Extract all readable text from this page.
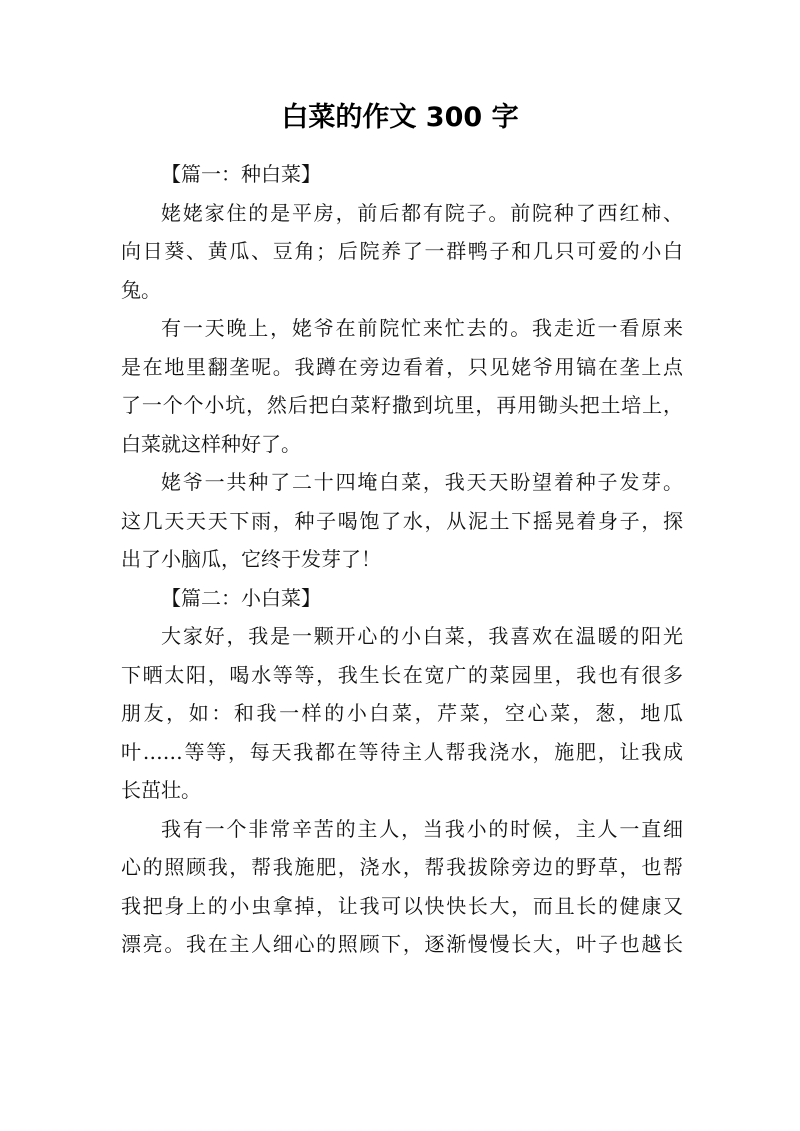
白菜的作文 300 字
【篇一：种白菜】
姥姥家住的是平房，前后都有院子。前院种了西红柿、
向日葵、黄瓜、豆角；后院养了一群鸭子和几只可爱的小白
兔。
有一天晚上，姥爷在前院忙来忙去的。我走近一看原来
是在地里翻垄呢。我蹲在旁边看着，只见姥爷用镐在垄上点
了一个个小坑，然后把白菜籽撒到坑里，再用锄头把土培上，
白菜就这样种好了。
姥爷一共种了二十四埯白菜，我天天盼望着种子发芽。
这几天天天下雨，种子喝饱了水，从泥土下摇晃着身子，探
出了小脑瓜，它终于发芽了！
【篇二：小白菜】
大家好，我是一颗开心的小白菜，我喜欢在温暖的阳光
下晒太阳，喝水等等，我生长在宽广的菜园里，我也有很多
朋友，如：和我一样的小白菜，芹菜，空心菜，葱，地瓜
叶……等等，每天我都在等待主人帮我浇水，施肥，让我成
长茁壮。
我有一个非常辛苦的主人，当我小的时候，主人一直细
心的照顾我，帮我施肥，浇水，帮我拔除旁边的野草，也帮
我把身上的小虫拿掉，让我可以快快长大，而且长的健康又
漂亮。我在主人细心的照顾下，逐渐慢慢长大，叶子也越长
